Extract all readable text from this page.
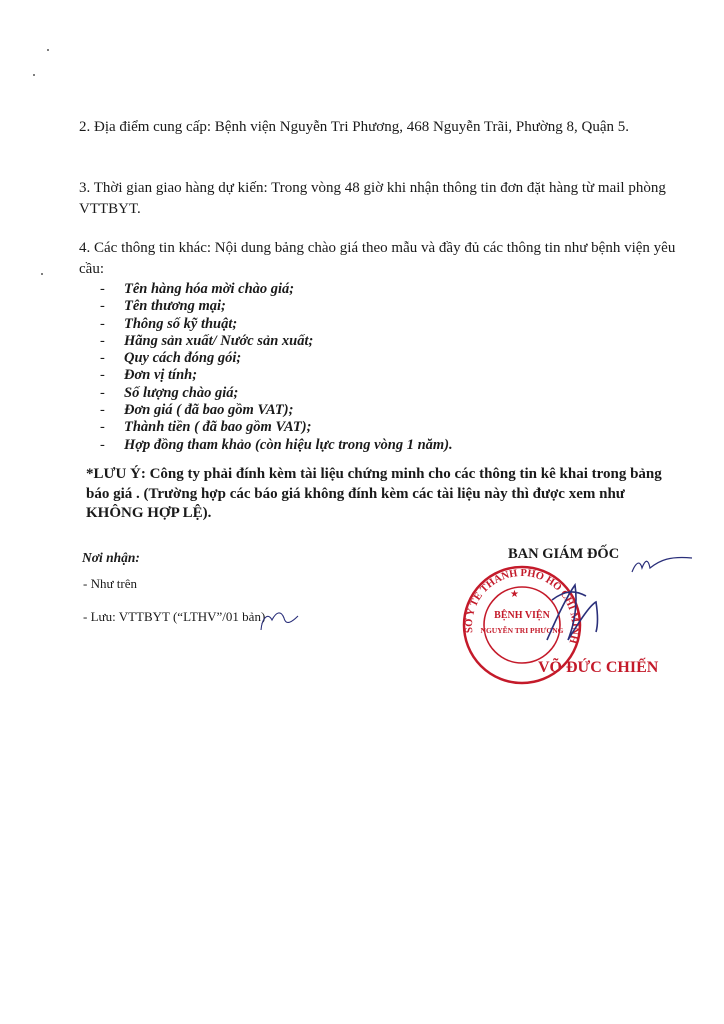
2. Địa điểm cung cấp: Bệnh viện Nguyễn Tri Phương, 468 Nguyễn Trãi, Phường 8, Quận 5.

3. Thời gian giao hàng dự kiến: Trong vòng 48 giờ khi nhận thông tin đơn đặt hàng từ mail phòng VTTBYT.

4. Các thông tin khác: Nội dung bảng chào giá theo mẫu và đầy đủ các thông tin như bệnh viện yêu cầu:

- Tên hàng hóa mời chào giá;
- Tên thương mại;
- Thông số kỹ thuật;
- Hãng sản xuất/ Nước sản xuất;
- Quy cách đóng gói;
- Đơn vị tính;
- Số lượng chào giá;
- Đơn giá ( đã bao gồm VAT);
- Thành tiền ( đã bao gồm VAT);
- Hợp đồng tham khảo (còn hiệu lực trong vòng 1 năm).

*LƯU Ý: Công ty phải đính kèm tài liệu chứng minh cho các thông tin kê khai trong bảng báo giá . (Trường hợp các báo giá không đính kèm các tài liệu này thì được xem như KHÔNG HỢP LỆ).

Nơi nhận:
- Như trên
- Lưu: VTTBYT (“LTHV”/01 bản)
BAN GIÁM ĐỐC
SỞ Y TẾ THÀNH PHỐ HỒ CHÍ MINH
BỆNH VIỆN
NGUYỄN TRI PHƯƠNG
★
VÕ ĐỨC CHIẾN
